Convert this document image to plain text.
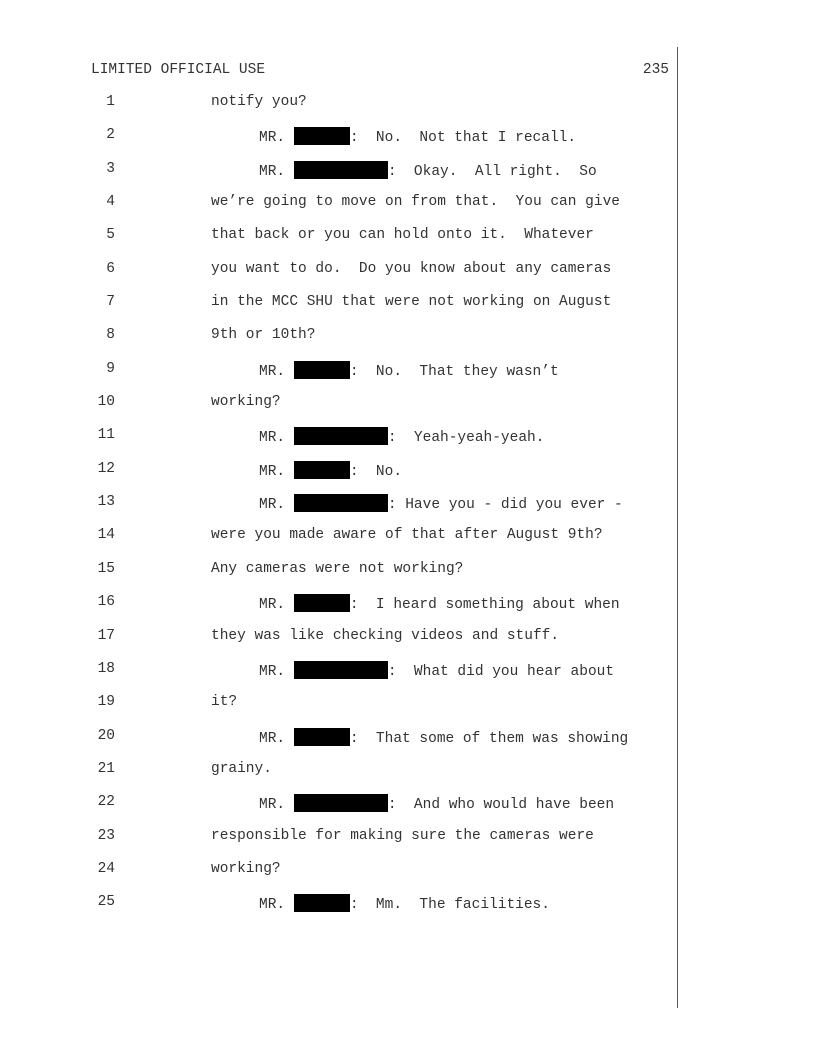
LIMITED OFFICIAL USE	235
1	notify you?
2	MR.	:  No.  Not that I recall.
3	MR.	:  Okay.  All right.  So
4	we’re going to move on from that.  You can give
5	that back or you can hold onto it.  Whatever
6	you want to do.  Do you know about any cameras
7	in the MCC SHU that were not working on August
8	9th or 10th?
9	MR.	:  No.  That they wasn’t
10	working?
11	MR.	:  Yeah-yeah-yeah.
12	MR.	:  No.
13	MR.	: Have you - did you ever -
14	were you made aware of that after August 9th?
15	Any cameras were not working?
16	MR.	:  I heard something about when
17	they was like checking videos and stuff.
18	MR.	:  What did you hear about
19	it?
20	MR.	:  That some of them was showing
21	grainy.
22	MR.	:  And who would have been
23	responsible for making sure the cameras were
24	working?
25	MR.	:  Mm.  The facilities.
